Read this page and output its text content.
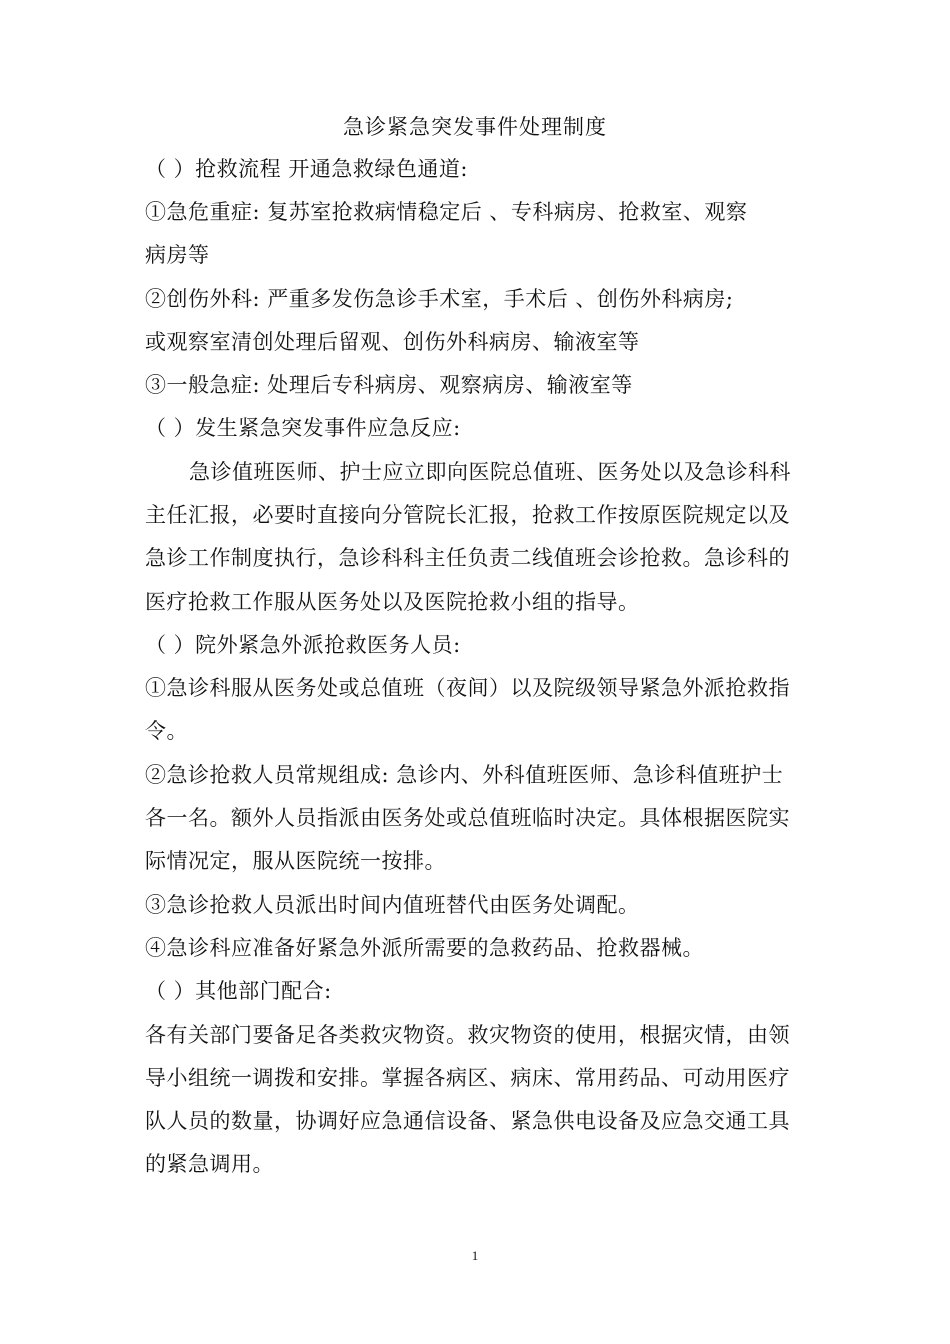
急诊紧急突发事件处理制度
（ ）抢救流程 开通急救绿色通道:
①急危重症: 复苏室抢救病情稳定后 、专科病房、抢救室、观察
病房等
②创伤外科: 严重多发伤急诊手术室，手术后 、创伤外科病房;
或观察室清创处理后留观、创伤外科病房、输液室等
③一般急症: 处理后专科病房、观察病房、输液室等
（ ）发生紧急突发事件应急反应:
急诊值班医师、护士应立即向医院总值班、医务处以及急诊科科
主任汇报，必要时直接向分管院长汇报，抢救工作按原医院规定以及
急诊工作制度执行，急诊科科主任负责二线值班会诊抢救。急诊科的
医疗抢救工作服从医务处以及医院抢救小组的指导。
（ ）院外紧急外派抢救医务人员:
①急诊科服从医务处或总值班（夜间）以及院级领导紧急外派抢救指
令。
②急诊抢救人员常规组成: 急诊内、外科值班医师、急诊科值班护士
各一名。额外人员指派由医务处或总值班临时决定。具体根据医院实
际情况定，服从医院统一按排。
③急诊抢救人员派出时间内值班替代由医务处调配。
④急诊科应准备好紧急外派所需要的急救药品、抢救器械。
（ ）其他部门配合:
各有关部门要备足各类救灾物资。救灾物资的使用，根据灾情，由领
导小组统一调拨和安排。掌握各病区、病床、常用药品、可动用医疗
队人员的数量，协调好应急通信设备、紧急供电设备及应急交通工具
的紧急调用。
1
